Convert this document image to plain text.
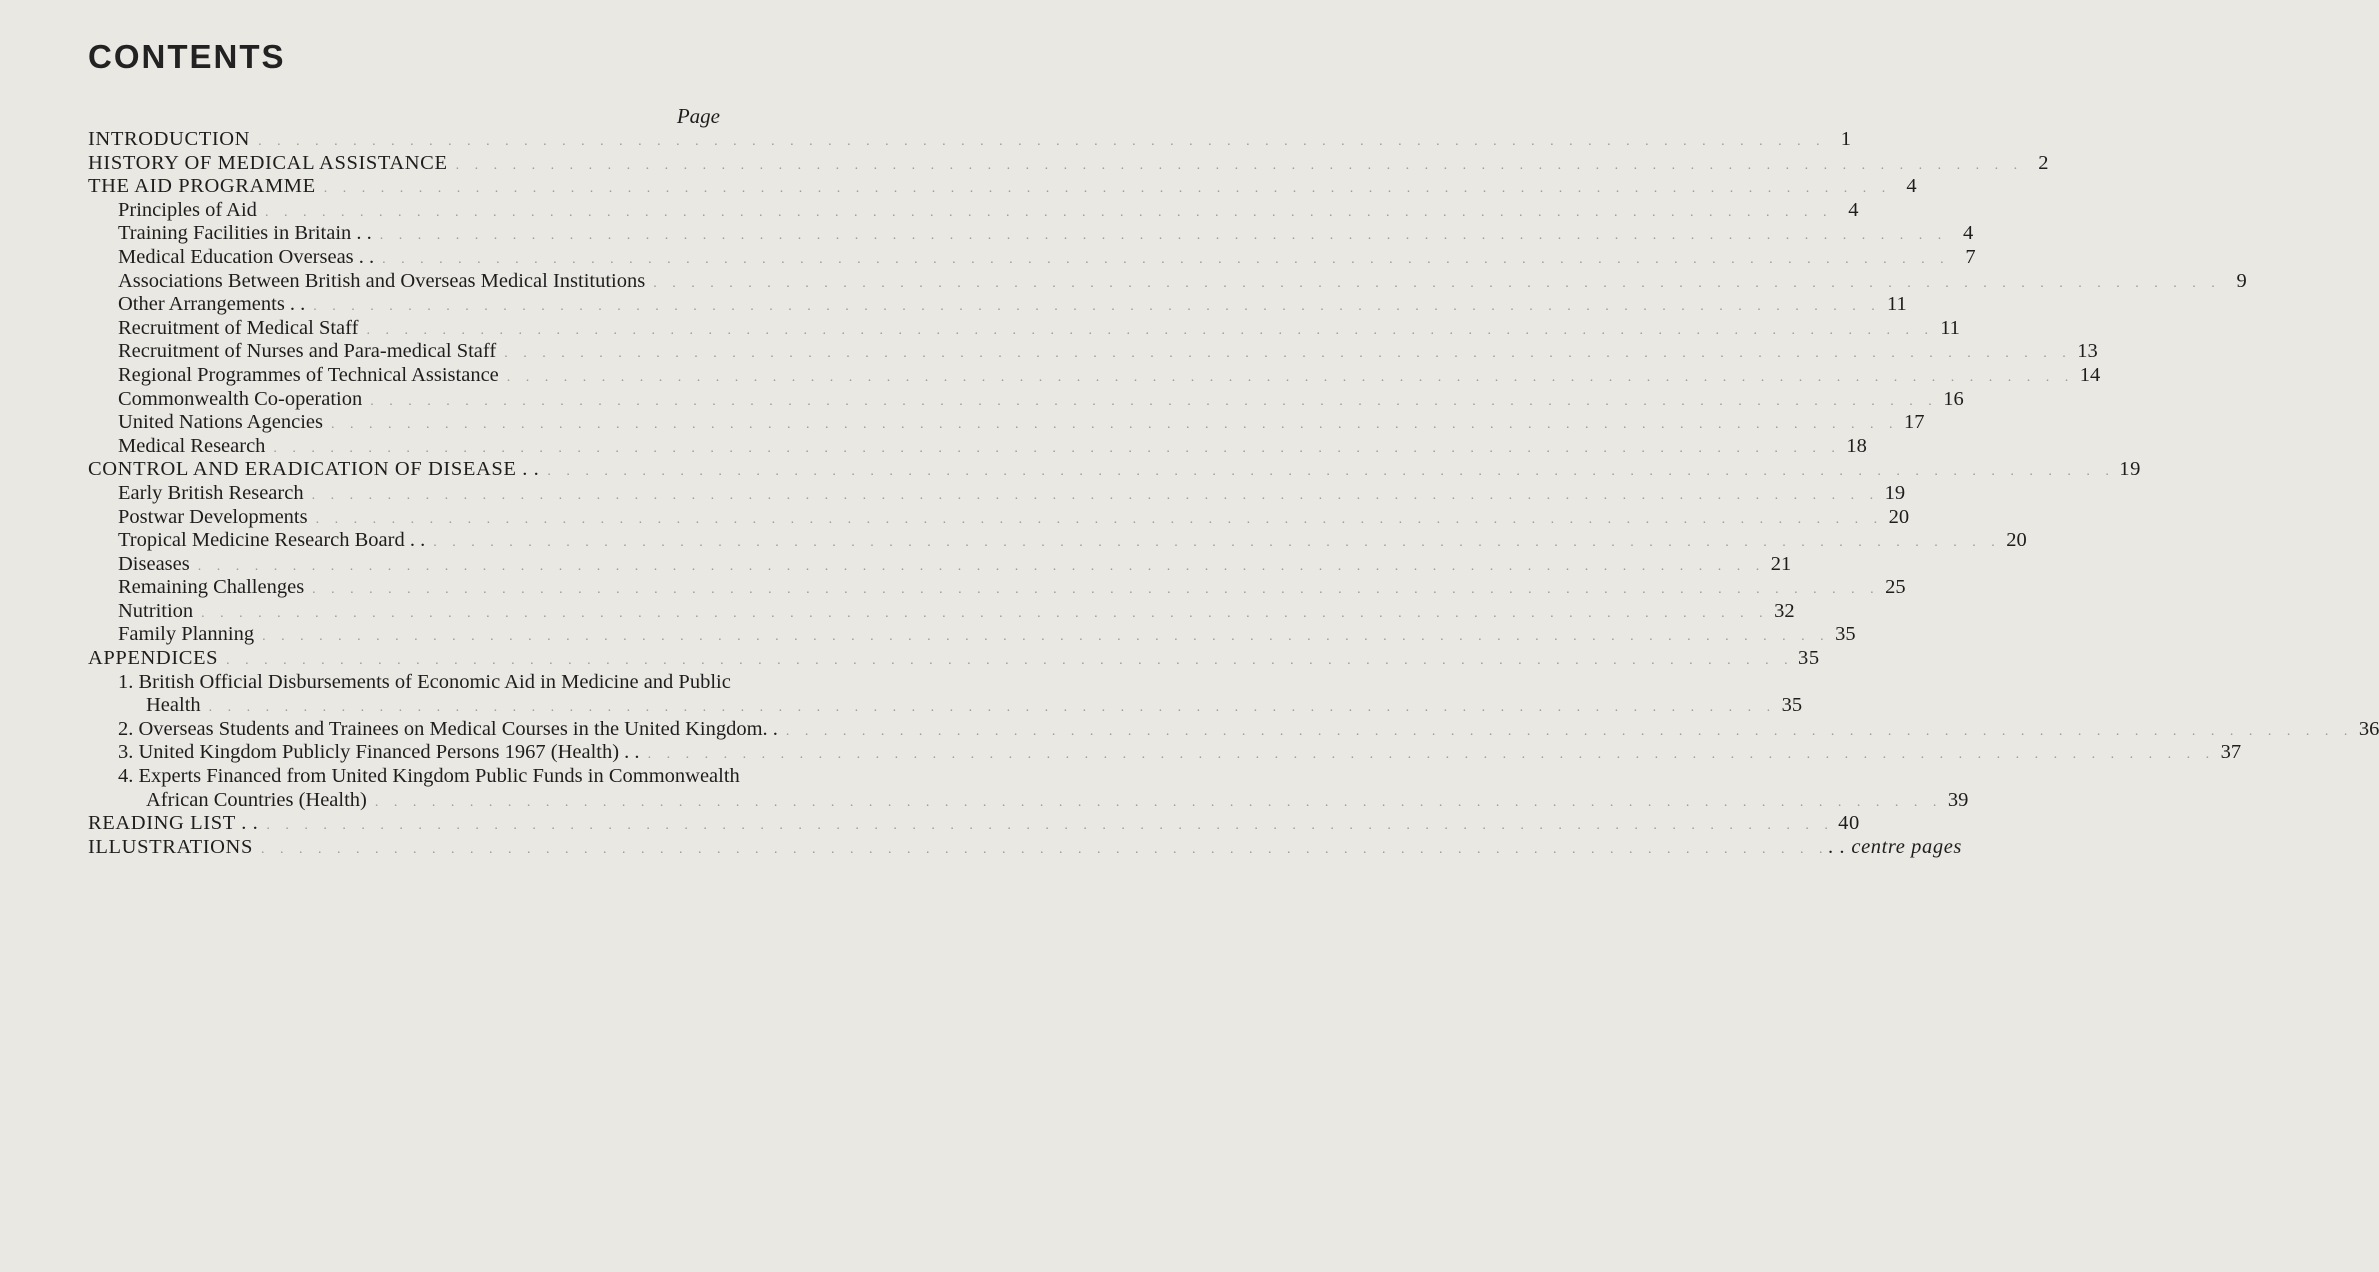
CONTENTS
Page
INTRODUCTION . . .	1
HISTORY OF MEDICAL ASSISTANCE . . .	2
THE AID PROGRAMME . . .	4
Principles of Aid . . .	4
Training Facilities in Britain . . . . .	4
Medical Education Overseas . . . . .	7
Associations Between British and Overseas Medical Institutions . . .	9
Other Arrangements . . . . .	11
Recruitment of Medical Staff . . .	11
Recruitment of Nurses and Para-medical Staff . . .	13
Regional Programmes of Technical Assistance . . .	14
Commonwealth Co-operation . . .	16
United Nations Agencies . . .	17
Medical Research . . .	18
CONTROL AND ERADICATION OF DISEASE . . . . .	19
Early British Research . . .	19
Postwar Developments . . .	20
Tropical Medicine Research Board . . . . .	20
Diseases . . .	21
Remaining Challenges . . .	25
Nutrition . . .	32
Family Planning . . .	35
APPENDICES . . .	35
1. British Official Disbursements of Economic Aid in Medicine and Public
Health . . .	35
2. Overseas Students and Trainees on Medical Courses in the United Kingdom. . . . .	36
3. United Kingdom Publicly Financed Persons 1967 (Health) . . . . .	37
4. Experts Financed from United Kingdom Public Funds in Commonwealth
African Countries (Health) . . .	39
READING LIST . . . . .	40
ILLUSTRATIONS . . .	. . centre pages
